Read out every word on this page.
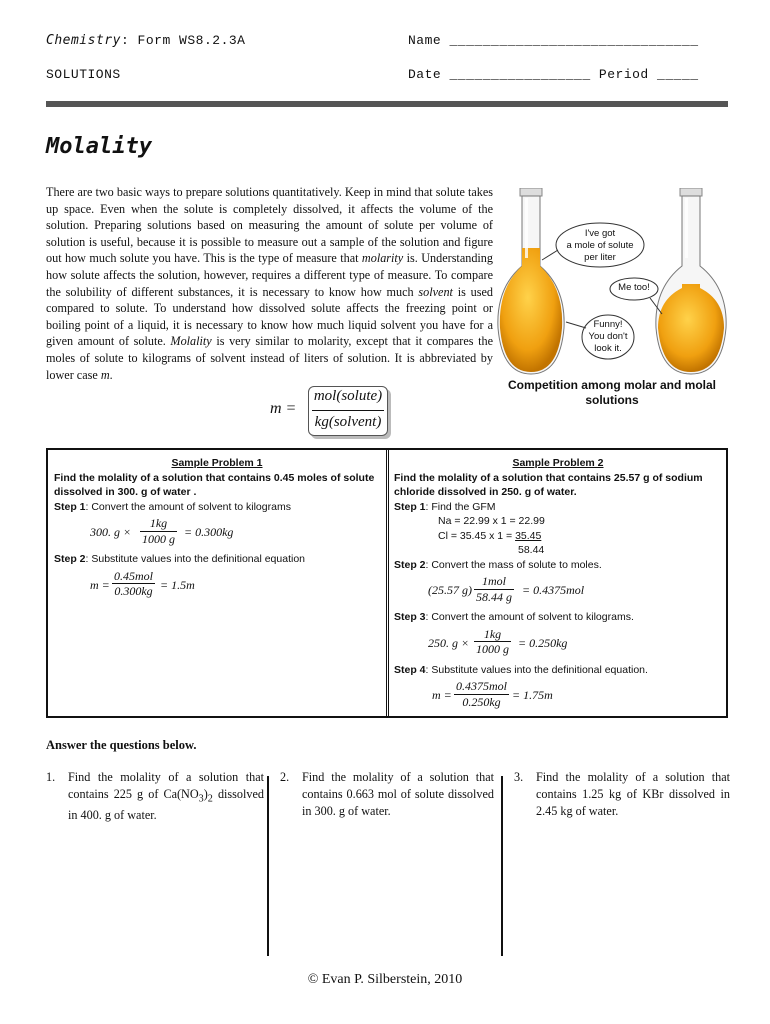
Chemistry: Form WS8.2.3A
SOLUTIONS
Name ______________________________
Date _________________ Period _____
Molality

There are two basic ways to prepare solutions quantitatively. Keep in mind that solute takes up space. Even when the solute is completely dissolved, it affects the volume of the solution. Preparing solutions based on measuring the amount of solute per volume of solution is useful, because it is possible to measure out a sample of the solution and figure out how much solute you have. This is the type of measure that molarity is. Understanding how solute affects the solution, however, requires a different type of measure. To compare the solubility of different substances, it is necessary to know how much solvent is used compared to solute. To understand how dissolved solute affects the freezing point or boiling point of a liquid, it is necessary to know how much liquid solvent you have for a given amount of solute. Molality is very similar to molarity, except that it compares the moles of solute to kilograms of solvent instead of liters of solution. It is abbreviated by lower case m.

m =
mol(solute)
kg(solvent)
I've got
a mole of solute
per liter
Me too!
Funny!
You don't
look it.
Competition among molar and molal solutions
Sample Problem 1
Find the molality of a solution that contains 0.45 moles of solute dissolved in 300. g of water .
Step 1: Convert the amount of solvent to kilograms
300. $g \times \frac{1kg}{1000 g} = 0.300kg$
Step 2: Substitute values into the definitional equation
m =
0.45mol
0.300kg = 1.5m
Sample Problem 2
Find the molality of a solution that contains 25.57 g of sodium chloride dissolved in 250. g of water.
Step 1: Find the GFM
Na = 22.99 x 1 = 22.99
Cl = 35.45 x 1 = 35.45
58.44
Step 2: Convert the mass of solute to moles.
(25.57 g)
1mol
58.44 g = 0.4375mol
Step 3: Convert the amount of solvent to kilograms.
250. $g \times \frac{1kg}{1000 g} = 0.250kg$
Step 4: Substitute values into the definitional equation.
m =
0.4375mol
0.250kg = 1.75m
Answer the questions below.
1. Find the molality of a solution that contains 225 g of $Ca(NO_3)_2$ dissolved in 400. g of water.
2. Find the molality of a solution that contains 0.663 mol of solute dissolved in 300. g of water.
3. Find the molality of a solution that contains 1.25 kg of KBr dissolved in 2.45 kg of water.
© Evan P. Silberstein, 2010
